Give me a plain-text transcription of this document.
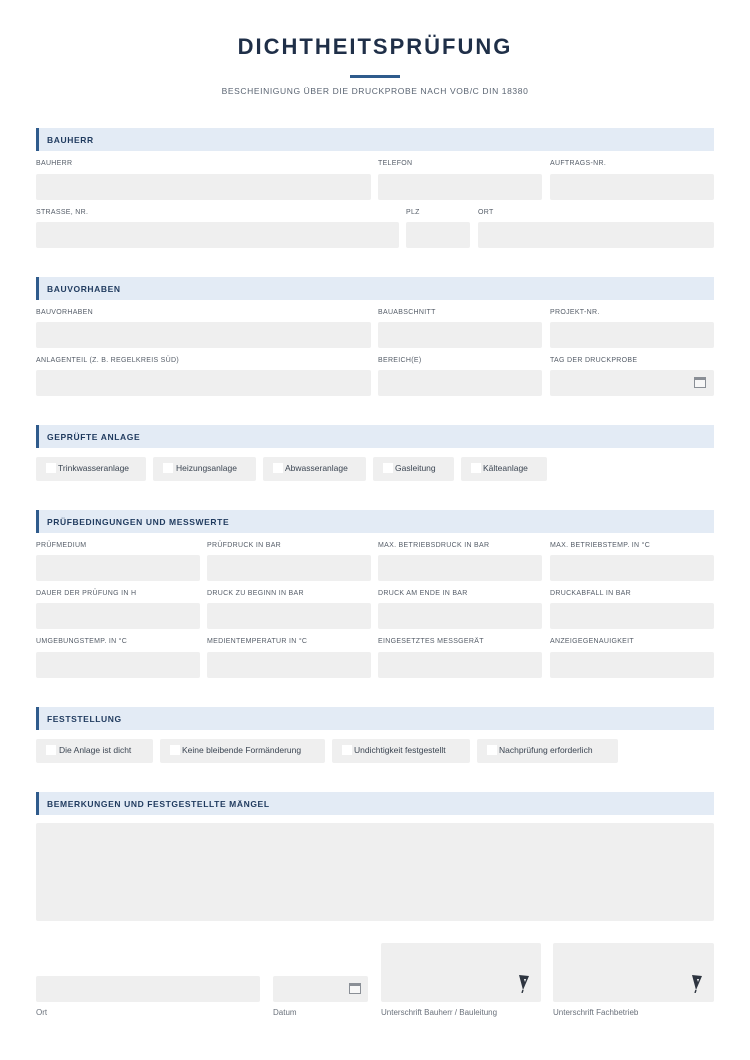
DICHTHEITSPRÜFUNG
BESCHEINIGUNG ÜBER DIE DRUCKPROBE NACH VOB/C DIN 18380
BAUHERR
BAUHERR	TELEFON	AUFTRAGS-NR.
STRASSE, NR.	PLZ	ORT
BAUVORHABEN
BAUVORHABEN	BAUABSCHNITT	PROJEKT-NR.
ANLAGENTEIL (Z. B. REGELKREIS SÜD)	BEREICH(E)	TAG DER DRUCKPROBE
GEPRÜFTE ANLAGE
Trinkwasseranlage	Heizungsanlage	Abwasseranlage	Gasleitung	Kälteanlage
PRÜFBEDINGUNGEN UND MESSWERTE
PRÜFMEDIUM	PRÜFDRUCK IN BAR	MAX. BETRIEBSDRUCK IN BAR	MAX. BETRIEBSTEMP. IN °C
DAUER DER PRÜFUNG IN H	DRUCK ZU BEGINN IN BAR	DRUCK AM ENDE IN BAR	DRUCKABFALL IN BAR
UMGEBUNGSTEMP. IN °C	MEDIENTEMPERATUR IN °C	EINGESETZTES MESSGERÄT	ANZEIGEGENAUIGKEIT
FESTSTELLUNG
Die Anlage ist dicht	Keine bleibende Formänderung	Undichtigkeit festgestellt	Nachprüfung erforderlich
BEMERKUNGEN UND FESTGESTELLTE MÄNGEL
Ort	Datum	Unterschrift Bauherr / Bauleitung	Unterschrift Fachbetrieb
